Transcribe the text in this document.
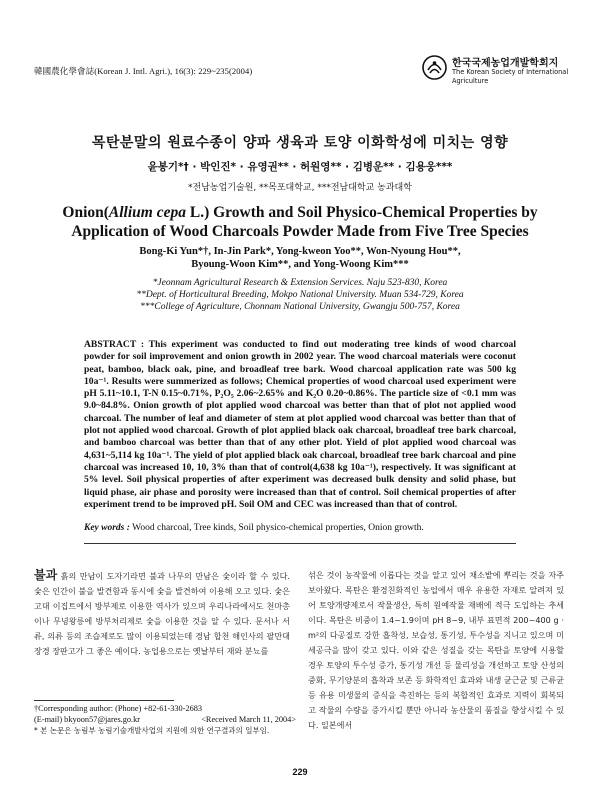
韓國農化學會誌(Korean J. Intl. Agri.), 16(3): 229~235(2004)
한국국제농업개발학회지
The Korean Society of International Agriculture
목탄분말의 원료수종이 양파 생육과 토양 이화학성에 미치는 영향
윤봉기*† · 박인진* · 유영권** · 허원영** · 김병운** · 김용웅***
*전남농업기술원, **목포대학교, ***전남대학교 농과대학
Onion(Allium cepa L.) Growth and Soil Physico-Chemical Properties by Application of Wood Charcoals Powder Made from Five Tree Species
Bong-Ki Yun*†, In-Jin Park*, Yong-kweon Yoo**, Won-Nyoung Hou**,
Byoung-Woon Kim**, and Yong-Woong Kim***
*Jeonnam Agricultural Research & Extension Services. Naju 523-830, Korea
**Dept. of Horticultural Breeding, Mokpo National University. Muan 534-729, Korea
***College of Agriculture, Chonnam National University, Gwangju 500-757, Korea
ABSTRACT : This experiment was conducted to find out moderating tree kinds of wood charcoal powder for soil improvement and onion growth in 2002 year. The wood charcoal materials were coconut peat, bamboo, black oak, pine, and broadleaf tree bark. Wood charcoal application rate was 500 kg 10a⁻¹. Results were summerized as follows; Chemical properties of wood charcoal used experiment were pH 5.11~10.1, T-N 0.15~0.71%, P₂O₅ 2.06~2.65% and K₂O 0.20~0.86%. The particle size of <0.1 mm was 9.0~84.8%. Onion growth of plot applied wood charcoal was better than that of plot not applied wood charcoal. The number of leaf and diameter of stem at plot applied wood charcoal was better than that of plot not applied wood charcoal. Growth of plot applied black oak charcoal, broadleaf tree bark charcoal, and bamboo charcoal was better than that of any other plot. Yield of plot applied wood charcoal was 4,631~5,114 kg 10a⁻¹. The yield of plot applied black oak charcoal, broadleaf tree bark charcoal and pine charcoal was increased 10, 10, 3% than that of control(4,638 kg 10a⁻¹), respectively. It was significant at 5% level. Soil physical properties of after experiment was decreased bulk density and solid phase, but liquid phase, air phase and porosity were increased than that of control. Soil chemical properties of after experiment trend to be improved pH. Soil OM and CEC was increased than that of control.
Key words : Wood charcoal, Tree kinds, Soil physico-chemical properties, Onion growth.
불과 흙의 만남이 도자기라면 불과 나무의 만남은 숯이라 할 수 있다. 숯은 인간이 불을 발견함과 동시에 숯을 발견하여 이용해 오고 있다. 숯은 고대 이집트에서 방부제로 이용한 역사가 있으며 우리나라에서도 천마총이나 무녕왕릉에 방부처리제로 숯을 이용한 것을 알 수 있다. 문서나 서류, 의류 등의 조습제로도 많이 이용되었는데 경남 합천 해인사의 팔만대장경 장판고가 그 좋은 예이다. 농업용으로는 옛날부터 재와 분뇨를
섞은 것이 농작물에 이롭다는 것을 알고 있어 채소밭에 뿌리는 것을 자주 보아왔다. 목탄은 환경친화적인 농업에서 매우 유용한 자재로 알려져 있어 토양개량제로서 작물생산, 특히 원예작물 재배에 적극 도입하는 추세이다. 목탄은 비중이 1.4~1.9이며 pH 8~9, 내부 표면적 200~400 g · m²의 다공질로 강한 흡착성, 보습성, 통기성, 투수성을 지니고 있으며 미세공극을 많이 갖고 있다. 이와 같은 성질을 갖는 목탄을 토양에 시용할 경우 토양의 투수성 증가, 통기성 개선 등 물리성을 개선하고 토양 산성의 중화, 무기양분의 흡착과 보존 등 화학적인 효과와 내생 균근균 및 근류균 등 유용 미생물의 증식을 촉진하는 등의 복합적인 효과로 지력이 회복되고 작물의 수량을 증가시킬 뿐만 아니라 농산물의 품질을 향상시킬 수 있다. 일본에서
†Corresponding author: (Phone) +82-61-330-2683
(E-mail) bkyoon57@jares.go.kr	<Received March 11, 2004>
* 본 논문은 농림부 농림기술개발사업의 지원에 의한 연구결과의 일부임.
229
